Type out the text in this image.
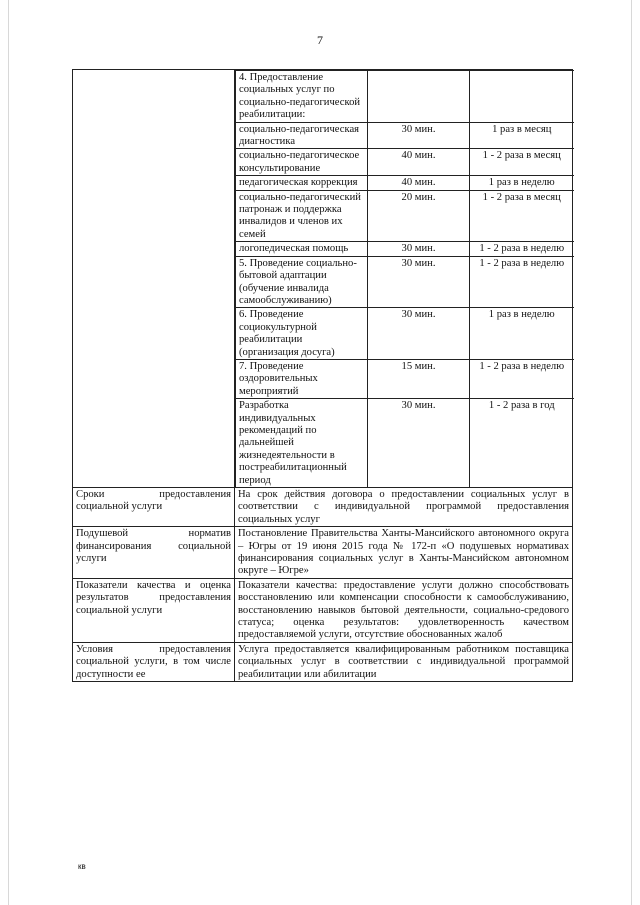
7

4. Предоставление социальных услуг по социально-педагогической реабилитации:		
социально-педагогическая диагностика	30 мин.	1 раз в месяц
социально-педагогическое консультирование	40 мин.	1 - 2 раза в месяц
педагогическая коррекция	40 мин.	1 раз в неделю
социально-педагогический патронаж и поддержка инвалидов и членов их семей	20 мин.	1 - 2 раза в месяц
логопедическая помощь	30 мин.	1 - 2 раза в неделю
5. Проведение социально-бытовой адаптации (обучение инвалида самообслуживанию)	30 мин.	1 - 2 раза в неделю
6. Проведение социокультурной реабилитации (организация досуга)	30 мин.	1 раз в неделю
7. Проведение оздоровительных мероприятий	15 мин.	1 - 2 раза в неделю
Разработка индивидуальных рекомендаций по дальнейшей жизнедеятельности в постреабилитационный период	30 мин.	1 - 2 раза в год

Сроки предоставления социальной услуги	На срок действия договора о предоставлении социальных услуг в соответствии с индивидуальной программой предоставления социальных услуг
Подушевой норматив финансирования социальной услуги	Постановление Правительства Ханты-Мансийского автономного округа – Югры от 19 июня 2015 года № 172-п «О подушевых нормативах финансирования социальных услуг в Ханты-Мансийском автономном округе – Югре»
Показатели качества и оценка результатов предоставления социальной услуги	Показатели качества: предоставление услуги должно способствовать восстановлению или компенсации способности к самообслуживанию, восстановлению навыков бытовой деятельности, социально-средового статуса; оценка результатов: удовлетворенность качеством предоставляемой услуги, отсутствие обоснованных жалоб
Условия предоставления социальной услуги, в том числе доступности ее	Услуга предоставляется квалифицированным работником поставщика социальных услуг в соответствии с индивидуальной программой реабилитации или абилитации
кв
